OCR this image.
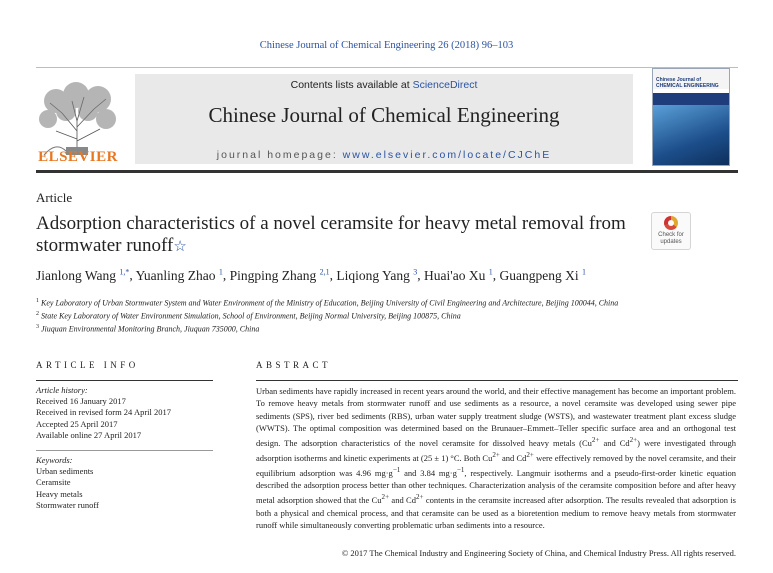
Chinese Journal of Chemical Engineering 26 (2018) 96–103
ELSEVIER
Contents lists available at ScienceDirect
Chinese Journal of Chemical Engineering
journal homepage: www.elsevier.com/locate/CJChE
Chinese Journal of CHEMICAL ENGINEERING
Article
Adsorption characteristics of a novel ceramsite for heavy metal removal from stormwater runoff☆
Check for
updates
Jianlong Wang $^{1,*}$, Yuanling Zhao $^1$, Pingping Zhang $^{2,1}$, Liqiong Yang $^3$, Huai'ao Xu $^1$, Guangpeng Xi $^1$
$^1$ Key Laboratory of Urban Stormwater System and Water Environment of the Ministry of Education, Beijing University of Civil Engineering and Architecture, Beijing 100044, China
$^2$ State Key Laboratory of Water Environment Simulation, School of Environment, Beijing Normal University, Beijing 100875, China
$^3$ Jiuquan Environmental Monitoring Branch, Jiuquan 735000, China
ARTICLE INFO	ABSTRACT
Article history:
Received 16 January 2017
Received in revised form 24 April 2017
Accepted 25 April 2017
Available online 27 April 2017
Keywords:
Urban sediments
Ceramsite
Heavy metals
Stormwater runoff
Urban sediments have rapidly increased in recent years around the world, and their effective management has become an important problem. To remove heavy metals from stormwater runoff and use sediments as a resource, a novel ceramsite was developed using sewer pipe sediments (SPS), river bed sediments (RBS), urban water supply treatment sludge (WSTS), and wastewater treatment plant excess sludge (WWTS). The optimal composition was determined based on the Brunauer–Emmett–Teller specific surface area and an orthogonal test design. The adsorption characteristics of the novel ceramsite for dissolved heavy metals ($Cu^{2+}$ and $Cd^{2+}$) were investigated through adsorption isotherms and kinetic experiments at (25 ± 1) °C. Both $Cu^{2+}$ and $Cd^{2+}$ were effectively removed by the novel ceramsite, and their equilibrium adsorption was 4.96 $mg\cdot g^{-1}$ and 3.84 $mg\cdot g^{-1}$, respectively. Langmuir isotherms and a pseudo-first-order kinetic equation described the adsorption process better than other techniques. Characterization analysis of the ceramsite composition before and after heavy metal adsorption showed that the $Cu^{2+}$ and $Cd^{2+}$ contents in the ceramsite increased after adsorption. The results revealed that adsorption is both a physical and chemical process, and that ceramsite can be used as a bioretention medium to remove heavy metals from stormwater runoff while simultaneously converting problematic urban sediments into a resource.
© 2017 The Chemical Industry and Engineering Society of China, and Chemical Industry Press. All rights reserved.
